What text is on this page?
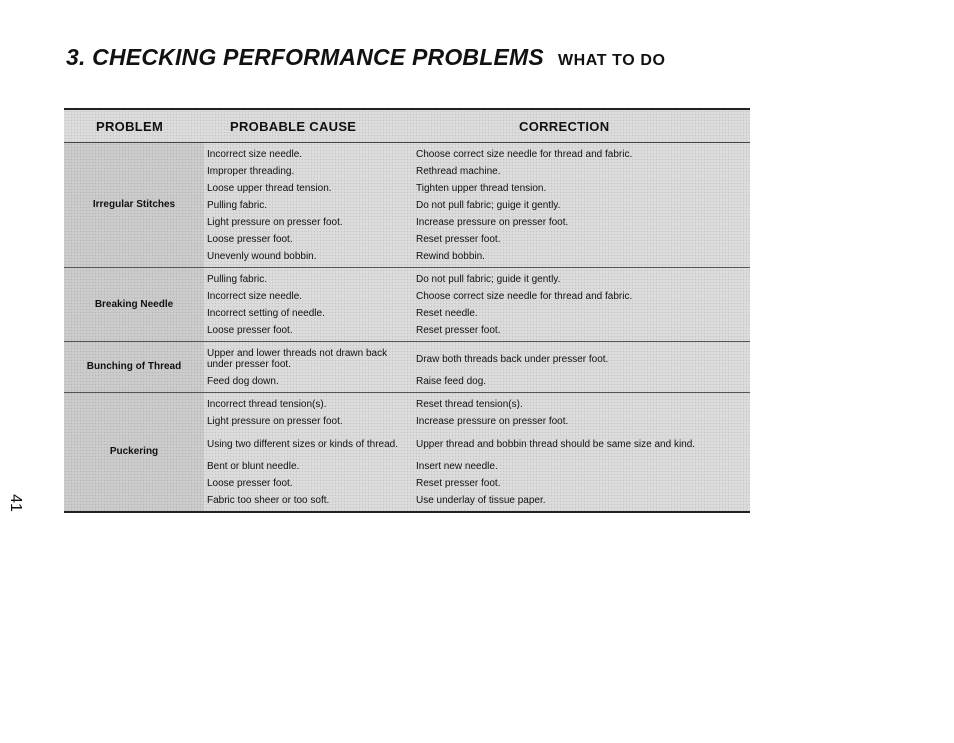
3. CHECKING PERFORMANCE PROBLEMS WHAT TO DO
41
PROBLEM	PROBABLE CAUSE	CORRECTION
Irregular Stitches
Incorrect size needle.	Choose correct size needle for thread and fabric.
Improper threading.	Rethread machine.
Loose upper thread tension.	Tighten upper thread tension.
Pulling fabric.	Do not pull fabric; guige it gently.
Light pressure on presser foot.	Increase pressure on presser foot.
Loose presser foot.	Reset presser foot.
Unevenly wound bobbin.	Rewind bobbin.
Breaking Needle
Pulling fabric.	Do not pull fabric; guide it gently.
Incorrect size needle.	Choose correct size needle for thread and fabric.
Incorrect setting of needle.	Reset needle.
Loose presser foot.	Reset presser foot.
Bunching of Thread
Upper and lower threads not drawn back under presser foot.	Draw both threads back under presser foot.
Feed dog down.	Raise feed dog.
Puckering
Incorrect thread tension(s).	Reset thread tension(s).
Light pressure on presser foot.	Increase pressure on presser foot.
Using two different sizes or kinds of thread.	Upper thread and bobbin thread should be same size and kind.
Bent or blunt needle.	Insert new needle.
Loose presser foot.	Reset presser foot.
Fabric too sheer or too soft.	Use underlay of tissue paper.
